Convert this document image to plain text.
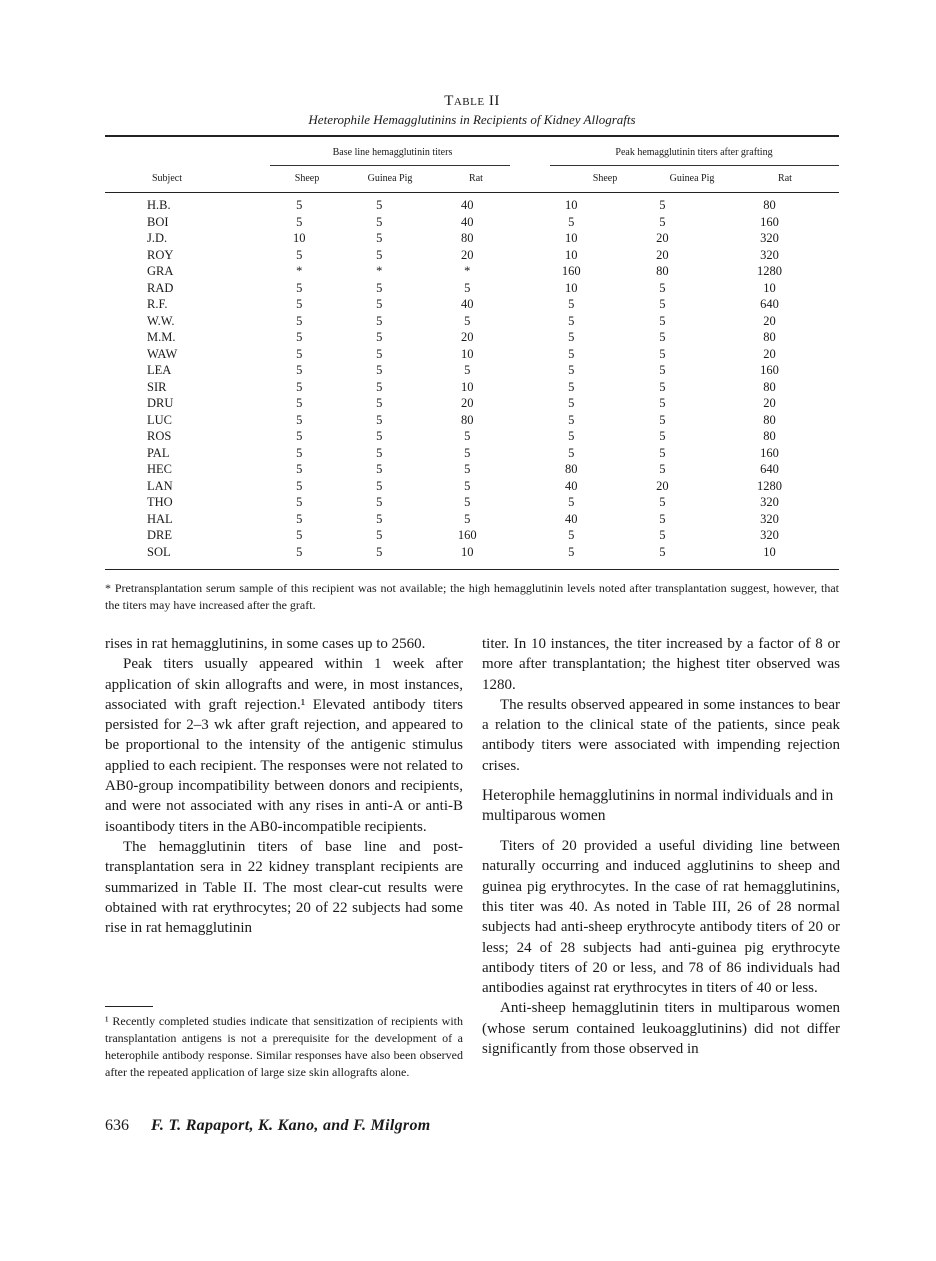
Table II
Heterophile Hemagglutinins in Recipients of Kidney Allografts
Base line hemagglutinin titers	Peak hemagglutinin titers after grafting
Subject	Sheep	Guinea Pig	Rat	Sheep	Guinea Pig	Rat
H.B.	5	5	40	10	5	80
BOI	5	5	40	5	5	160
J.D.	10	5	80	10	20	320
ROY	5	5	20	10	20	320
GRA	*	*	*	160	80	1280
RAD	5	5	5	10	5	10
R.F.	5	5	40	5	5	640
W.W.	5	5	5	5	5	20
M.M.	5	5	20	5	5	80
WAW	5	5	10	5	5	20
LEA	5	5	5	5	5	160
SIR	5	5	10	5	5	80
DRU	5	5	20	5	5	20
LUC	5	5	80	5	5	80
ROS	5	5	5	5	5	80
PAL	5	5	5	5	5	160
HEC	5	5	5	80	5	640
LAN	5	5	5	40	20	1280
THO	5	5	5	5	5	320
HAL	5	5	5	40	5	320
DRE	5	5	160	5	5	320
SOL	5	5	10	5	5	10
* Pretransplantation serum sample of this recipient was not available; the high hemagglutinin levels noted after transplantation suggest, however, that the titers may have increased after the graft.

rises in rat hemagglutinins, in some cases up to 2560.

Peak titers usually appeared within 1 week after application of skin allografts and were, in most instances, associated with graft rejection.¹ Elevated antibody titers persisted for 2–3 wk after graft rejection, and appeared to be proportional to the intensity of the antigenic stimulus applied to each recipient. The responses were not related to AB0-group incompatibility between donors and recipients, and were not associated with any rises in anti-A or anti-B isoantibody titers in the AB0-incompatible recipients.

The hemagglutinin titers of base line and post-transplantation sera in 22 kidney transplant recipients are summarized in Table II. The most clear-cut results were obtained with rat erythrocytes; 20 of 22 subjects had some rise in rat hemagglutinin

¹ Recently completed studies indicate that sensitization of recipients with transplantation antigens is not a prerequisite for the development of a heterophile antibody response. Similar responses have also been observed after the repeated application of large size skin allografts alone.

titer. In 10 instances, the titer increased by a factor of 8 or more after transplantation; the highest titer observed was 1280.

The results observed appeared in some instances to bear a relation to the clinical state of the patients, since peak antibody titers were associated with impending rejection crises.

Heterophile hemagglutinins in normal individuals and in multiparous women

Titers of 20 provided a useful dividing line between naturally occurring and induced agglutinins to sheep and guinea pig erythrocytes. In the case of rat hemagglutinins, this titer was 40. As noted in Table III, 26 of 28 normal subjects had anti-sheep erythrocyte antibody titers of 20 or less; 24 of 28 subjects had anti-guinea pig erythrocyte antibody titers of 20 or less, and 78 of 86 individuals had antibodies against rat erythrocytes in titers of 40 or less.

Anti-sheep hemagglutinin titers in multiparous women (whose serum contained leukoagglutinins) did not differ significantly from those observed in

636 F. T. Rapaport, K. Kano, and F. Milgrom
